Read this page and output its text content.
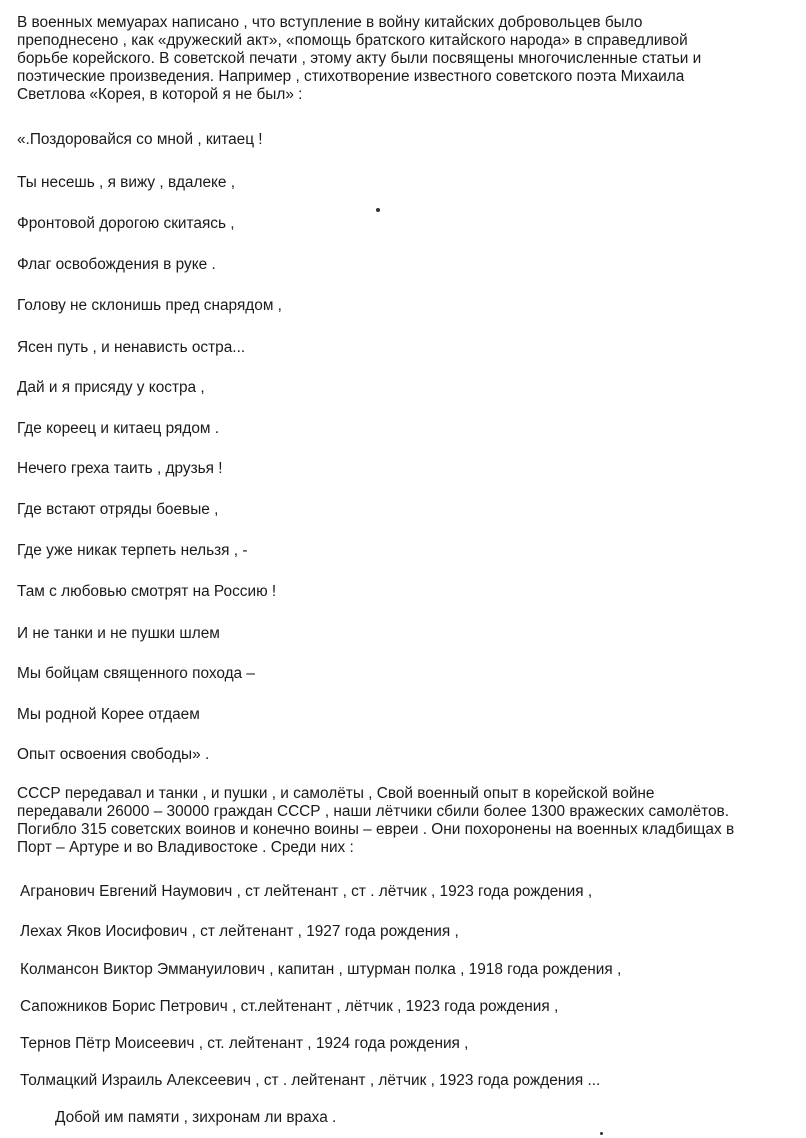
В военных мемуарах написано , что вступление в войну китайских добровольцев было
преподнесено , как «дружеский акт», «помощь братского китайского народа» в справедливой
борьбе корейского. В советской печати , этому акту были посвящены многочисленные статьи и
поэтические произведения. Например , стихотворение известного советского поэта Михаила
Светлова «Корея, в которой я не был» :

«.Поздоровайся со мной , китаец !

Ты несешь , я вижу , вдалеке ,

Фронтовой дорогою скитаясь ,

Флаг освобождения в руке .

Голову не склонишь пред снарядом ,

Ясен путь , и ненависть остра...

Дай и я присяду у костра ,

Где кореец и китаец рядом .

Нечего греха таить , друзья !

Где встают отряды боевые ,

Где уже никак терпеть нельзя , -

Там с любовью смотрят на Россию !

И не танки и не пушки шлем

Мы бойцам священного похода –

Мы родной Корее отдаем

Опыт освоения свободы» .

СССР передавал и танки , и пушки , и самолёты , Свой военный опыт в корейской войне
передавали 26000 – 30000 граждан СССР , наши лётчики сбили более 1300 вражеских самолётов.
Погибло 315 советских воинов и конечно воины – евреи . Они похоронены на военных кладбищах в
Порт – Артуре и во Владивостоке . Среди них :

Агранович Евгений Наумович , ст лейтенант , ст . лётчик , 1923 года рождения ,

Лехах Яков Иосифович , ст лейтенант , 1927 года рождения ,

Колмансон Виктор Эммануилович , капитан , штурман полка , 1918 года рождения ,

Сапожников Борис Петрович , ст.лейтенант , лётчик , 1923 года рождения ,

Тернов Пётр Моисеевич , ст. лейтенант , 1924 года рождения ,

Толмацкий Израиль Алексеевич , ст . лейтенант , лётчик , 1923 года рождения ...

Добой им памяти , зихронам ли враха .
